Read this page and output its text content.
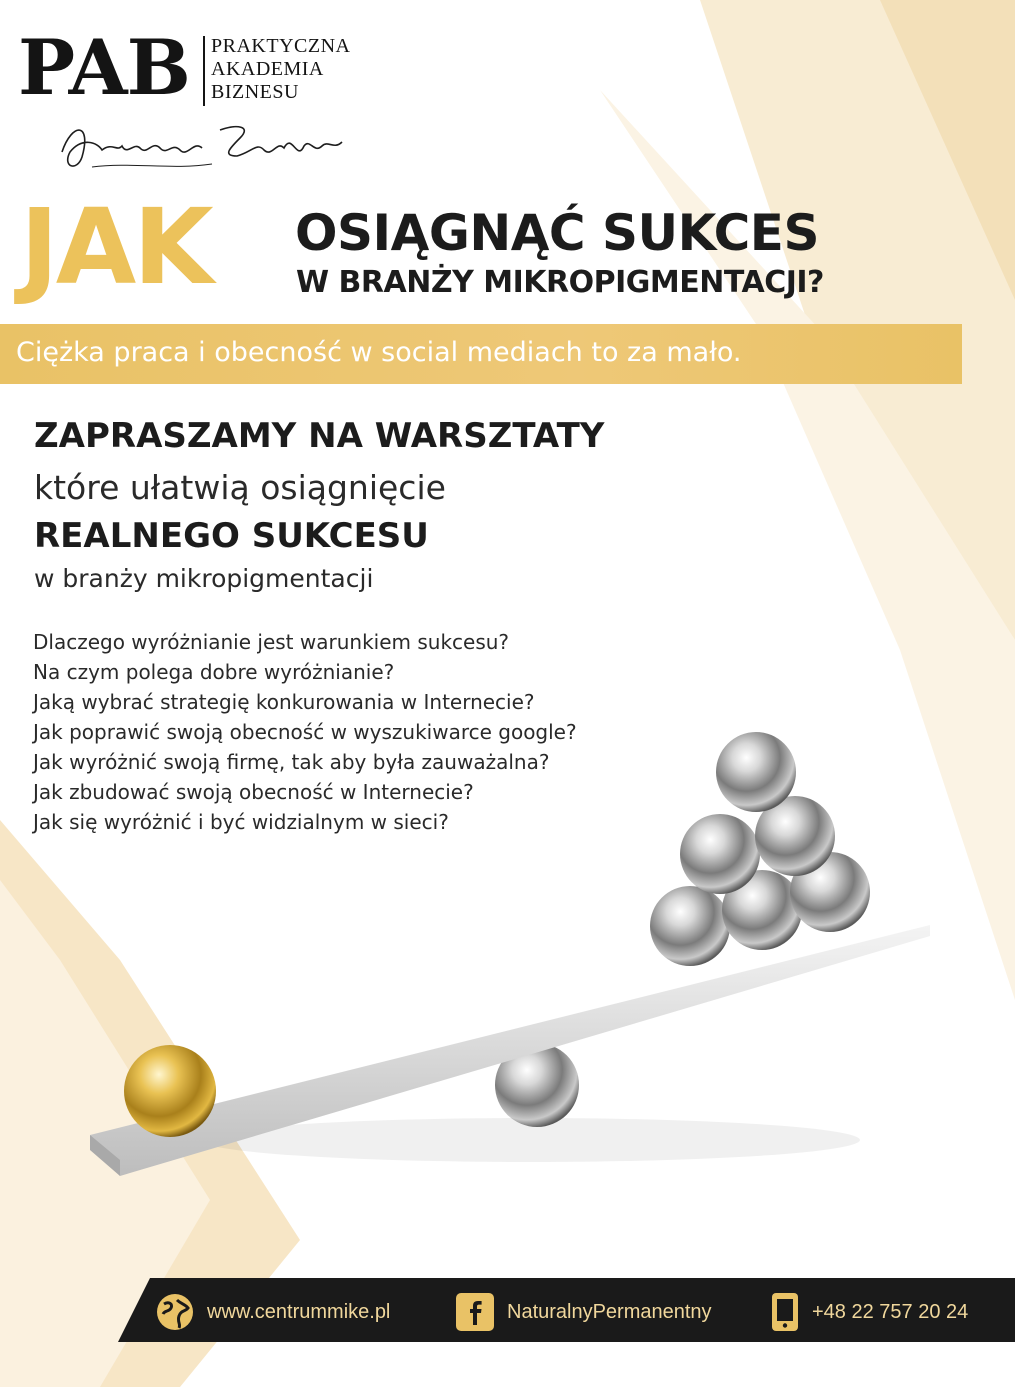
PAB PRAKTYCZNA
AKADEMIA
BIZNESU
JAK OSIĄGNĄĆ SUKCES
W BRANŻY MIKROPIGMENTACJI?
Ciężka praca i obecność w social mediach to za mało.
ZAPRASZAMY NA WARSZTATY
które ułatwią osiągnięcie
REALNEGO SUKCESU
w branży mikropigmentacji
Dlaczego wyróżnianie jest warunkiem sukcesu?
Na czym polega dobre wyróżnianie?
Jaką wybrać strategię konkurowania w Internecie?
Jak poprawić swoją obecność w wyszukiwarce google?
Jak wyróżnić swoją firmę, tak aby była zauważalna?
Jak zbudować swoją obecność w Internecie?
Jak się wyróżnić i być widzialnym w sieci?
www.centrummike.pl	NaturalnyPermanentny	+48 22 757 20 24
